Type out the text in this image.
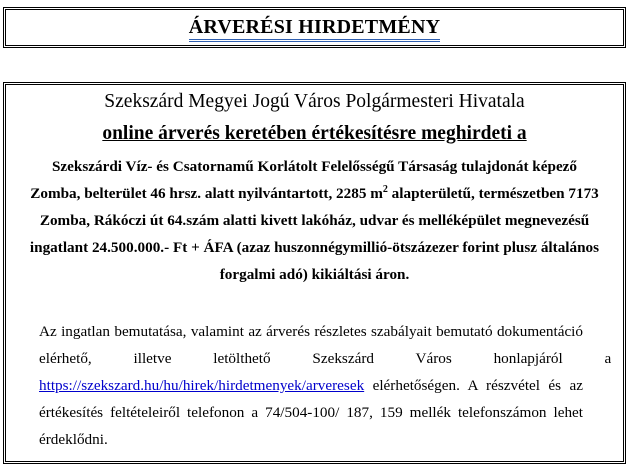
ÁRVERÉSI HIRDETMÉNY
Szekszárd Megyei Jogú Város Polgármesteri Hivatala
online árverés keretében értékesítésre meghirdeti a
Szekszárdi Víz- és Csatornamű Korlátolt Felelősségű Társaság tulajdonát képező
Zomba, belterület 46 hrsz. alatt nyilvántartott, 2285 $m^2$ alapterületű, természetben 7173
Zomba, Rákóczi út 64.szám alatti kivett lakóház, udvar és melléképület megnevezésű
ingatlant 24.500.000.- Ft + ÁFA (azaz huszonnégymillió-ötszázezer forint plusz általános
forgalmi adó) kikiáltási áron.
Az ingatlan bemutatása, valamint az árverés részletes szabályait bemutató dokumentáció
elérhető, illetve letölthető Szekszárd Város honlapjáról a
https://szekszard.hu/hu/hirek/hirdetmenyek/arveresek elérhetőségen. A részvétel és az
értékesítés feltételeiről telefonon a 74/504-100/ 187, 159 mellék telefonszámon lehet
érdeklődni.
